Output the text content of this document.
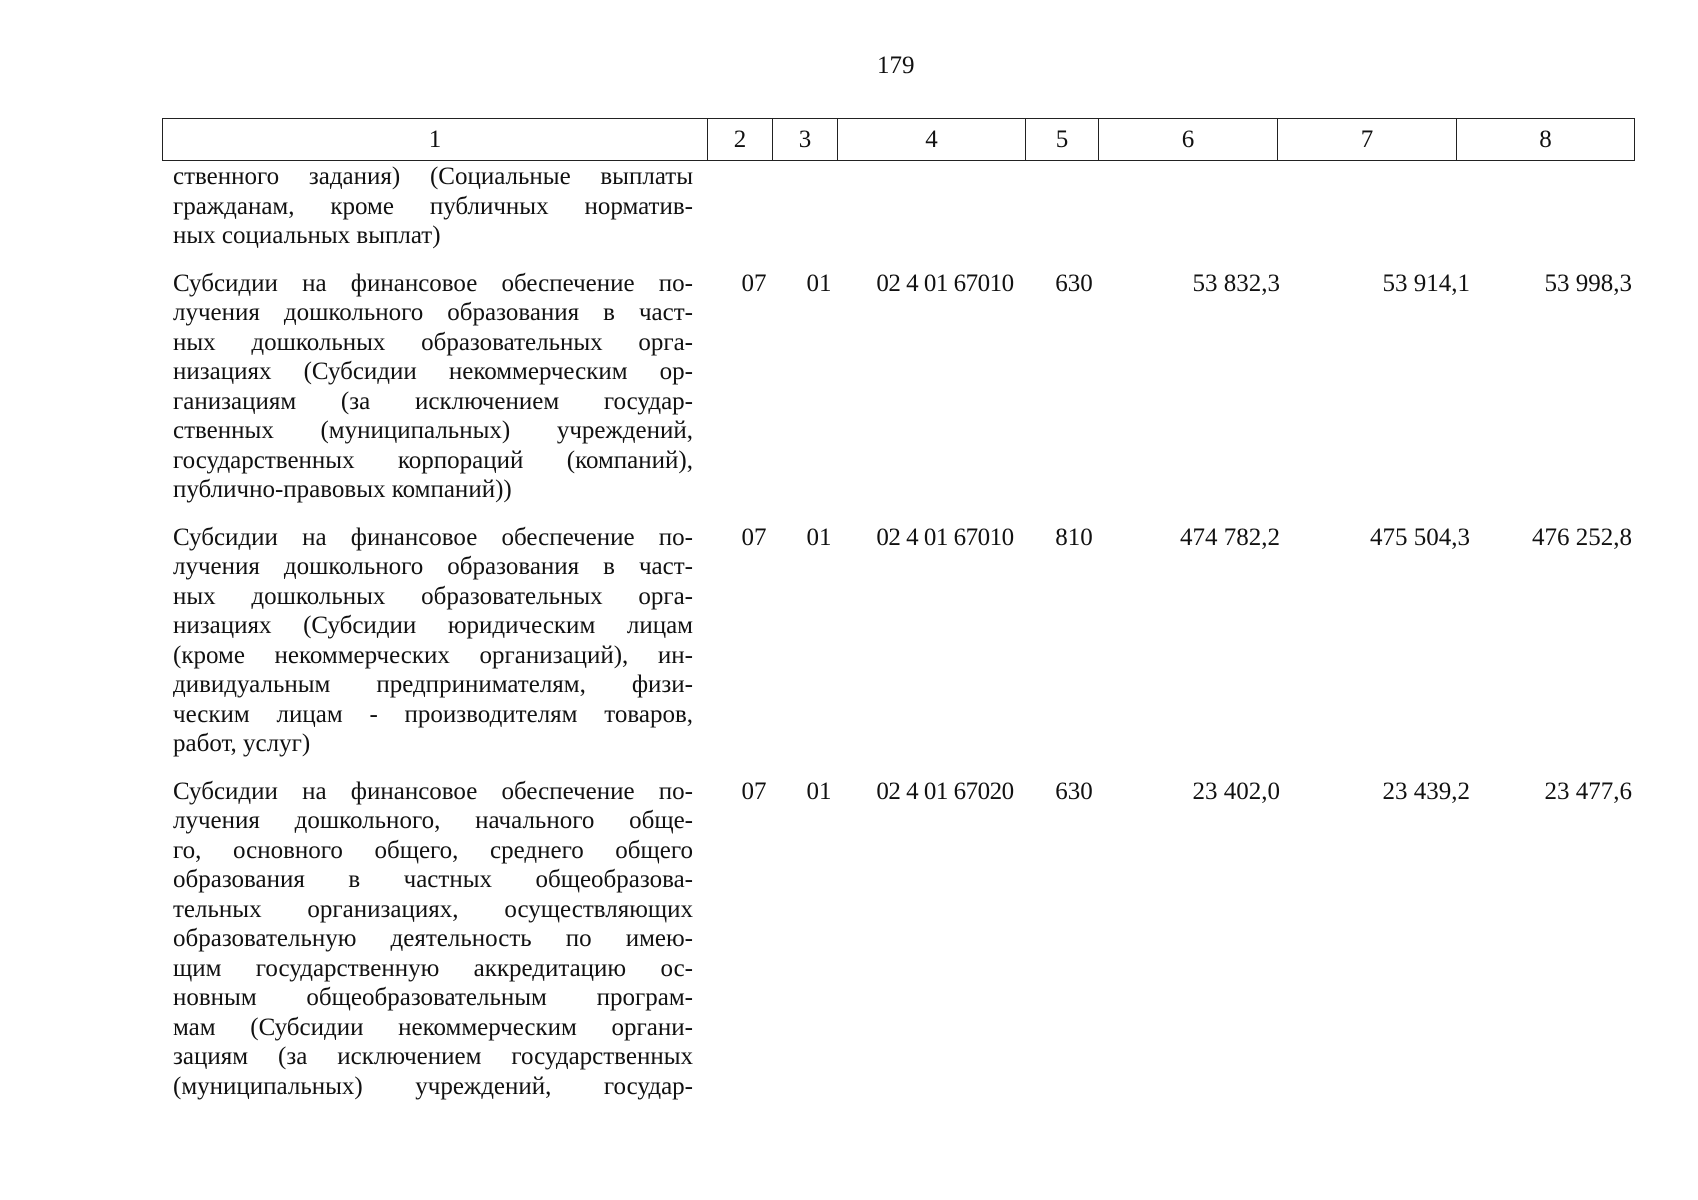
179
1	2	3	4	5	6	7	8
ственного задания) (Социальные выплаты
гражданам, кроме публичных норматив-
ных социальных выплат)
Субсидии на финансовое обеспечение по-
лучения дошкольного образования в част-
ных дошкольных образовательных орга-
низациях (Субсидии некоммерческим ор-
ганизациям (за исключением государ-
ственных (муниципальных) учреждений,
государственных корпораций (компаний),
публично-правовых компаний))
07	01	02 4 01 67010	630	53 832,3	53 914,1	53 998,3
Субсидии на финансовое обеспечение по-
лучения дошкольного образования в част-
ных дошкольных образовательных орга-
низациях (Субсидии юридическим лицам
(кроме некоммерческих организаций), ин-
дивидуальным предпринимателям, физи-
ческим лицам - производителям товаров,
работ, услуг)
07	01	02 4 01 67010	810	474 782,2	475 504,3	476 252,8
Субсидии на финансовое обеспечение по-
лучения дошкольного, начального обще-
го, основного общего, среднего общего
образования в частных общеобразова-
тельных организациях, осуществляющих
образовательную деятельность по имею-
щим государственную аккредитацию ос-
новным общеобразовательным програм-
мам (Субсидии некоммерческим органи-
зациям (за исключением государственных
(муниципальных) учреждений, государ-
07	01	02 4 01 67020	630	23 402,0	23 439,2	23 477,6
